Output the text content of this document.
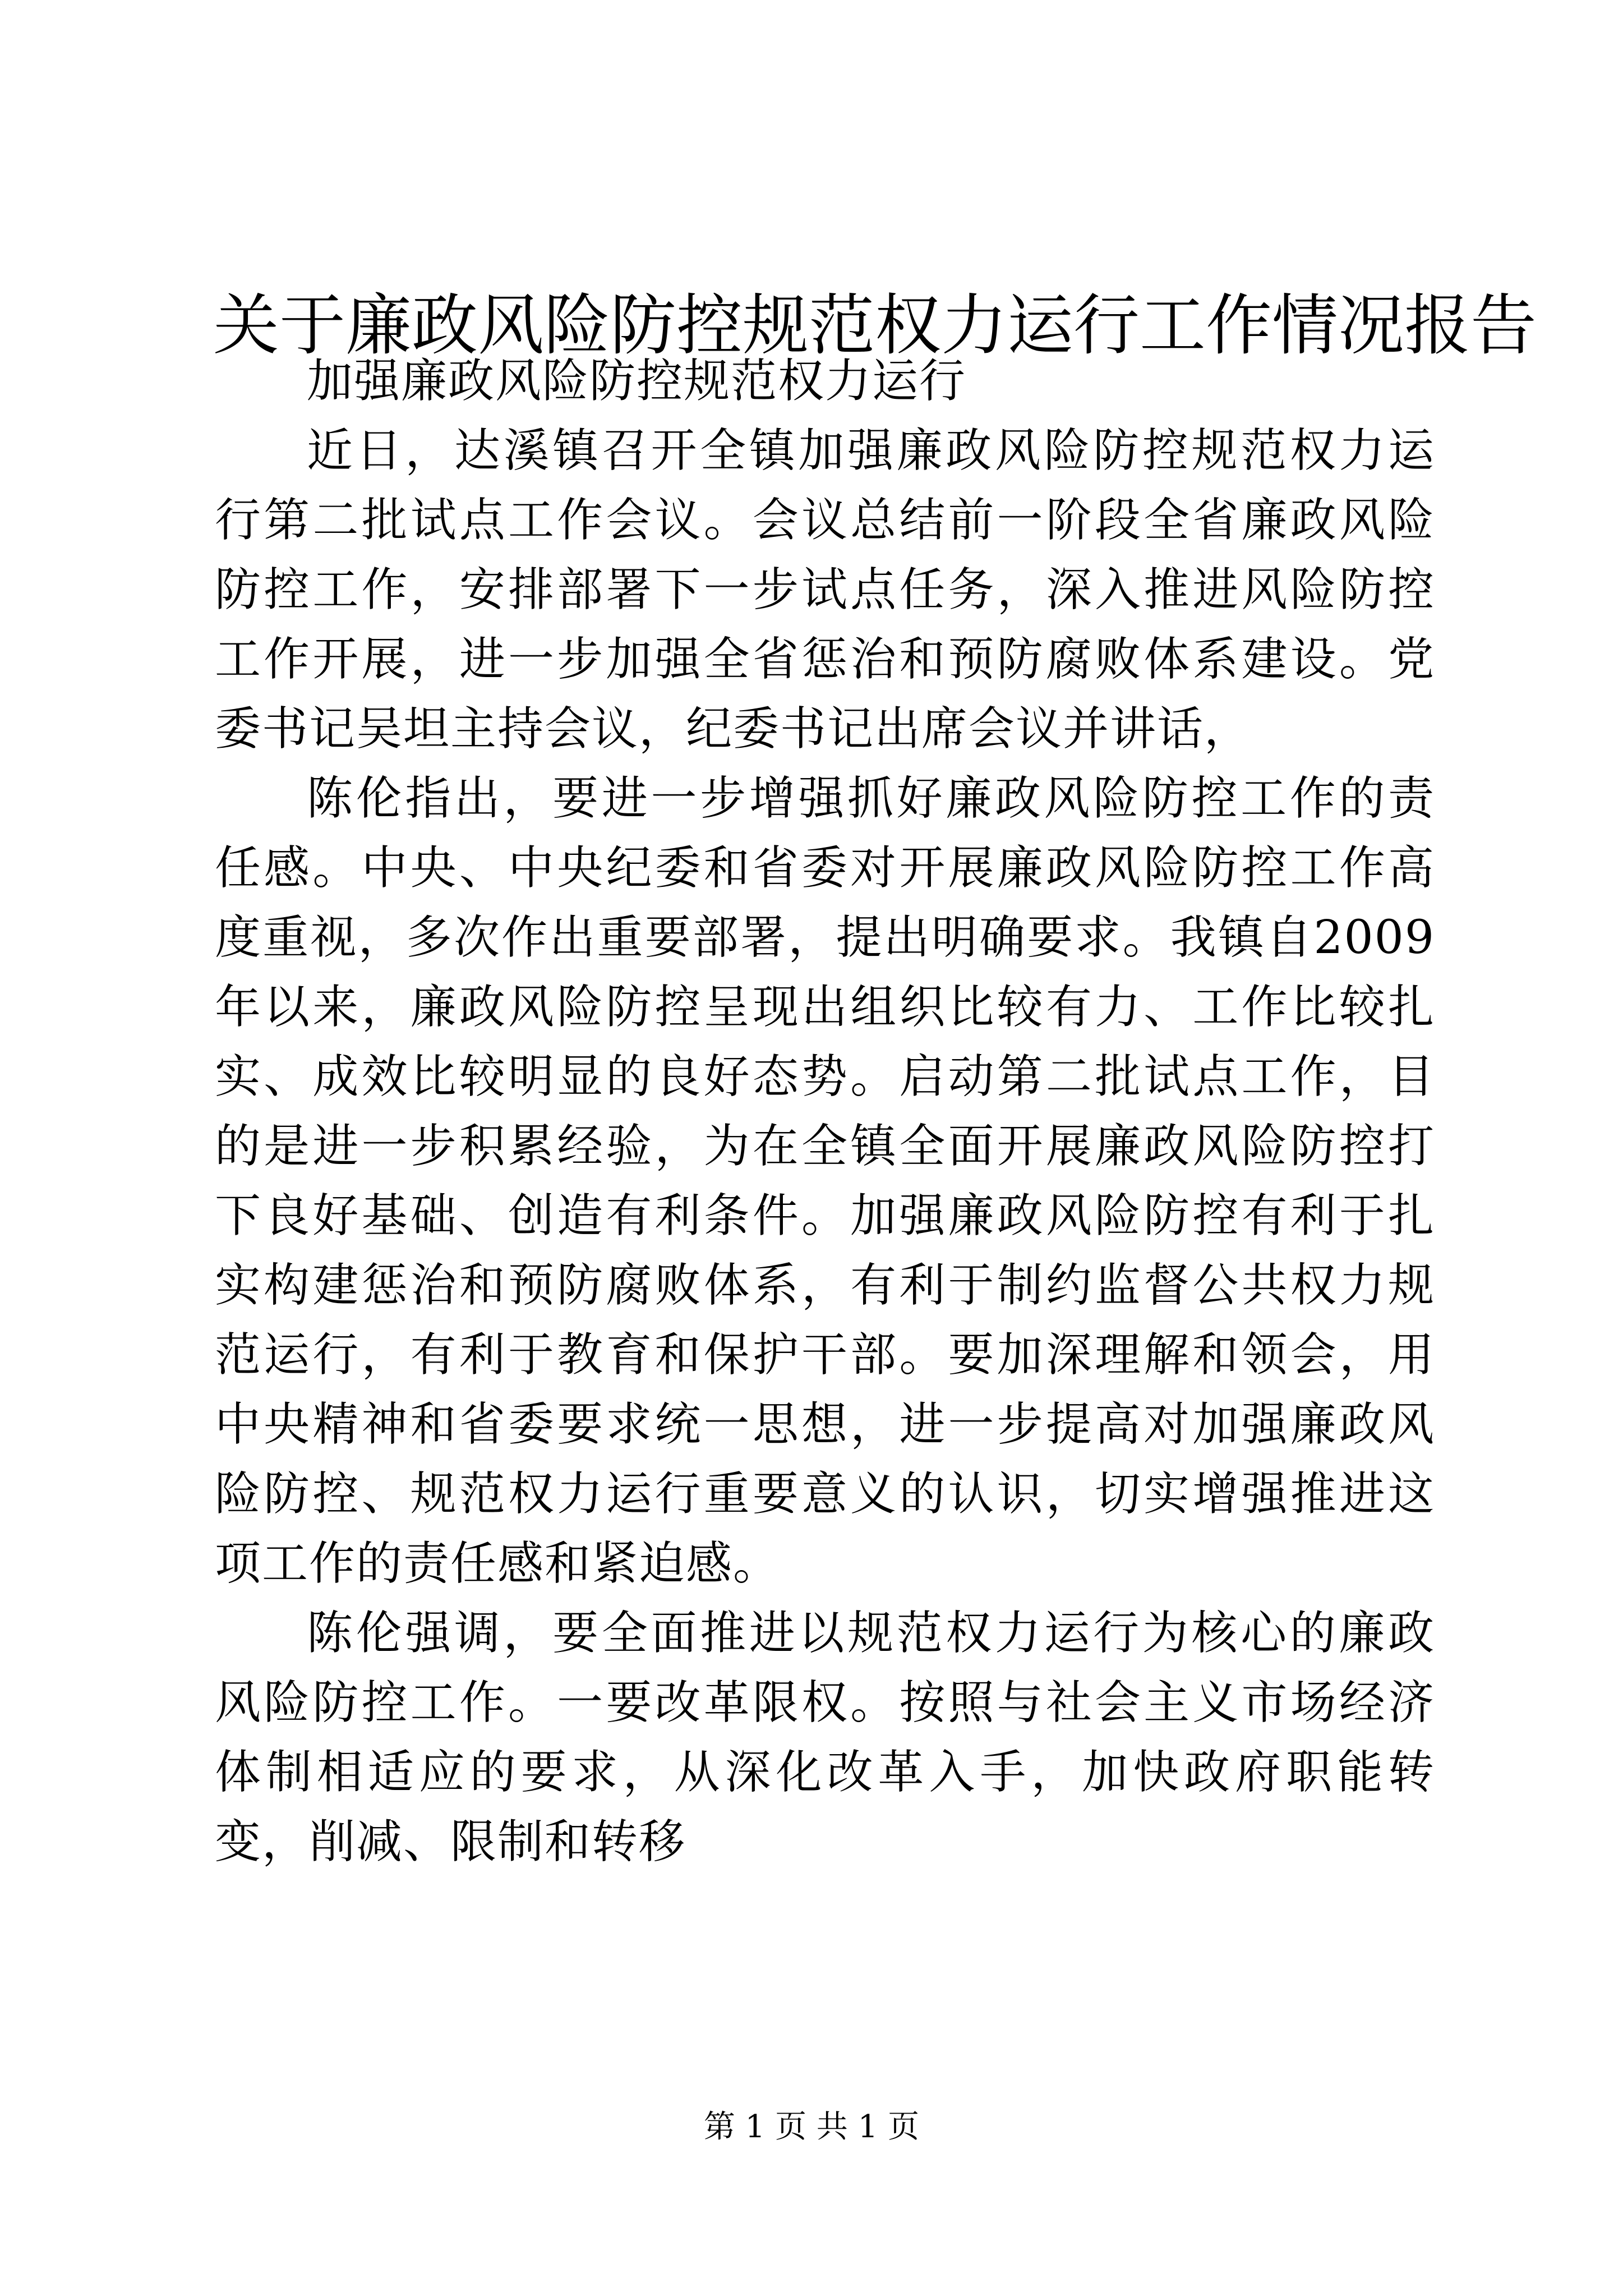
关于廉政风险防控规范权力运行工作情况报告

加强廉政风险防控规范权力运行

近日，达溪镇召开全镇加强廉政风险防控规范权力运行第二批试点工作会议。会议总结前一阶段全省廉政风险防控工作，安排部署下一步试点任务，深入推进风险防控工作开展，进一步加强全省惩治和预防腐败体系建设。党委书记吴坦主持会议，纪委书记出席会议并讲话，

陈伦指出，要进一步增强抓好廉政风险防控工作的责任感。中央、中央纪委和省委对开展廉政风险防控工作高度重视，多次作出重要部署，提出明确要求。我镇自2009年以来，廉政风险防控呈现出组织比较有力、工作比较扎实、成效比较明显的良好态势。启动第二批试点工作，目的是进一步积累经验，为在全镇全面开展廉政风险防控打下良好基础、创造有利条件。加强廉政风险防控有利于扎实构建惩治和预防腐败体系，有利于制约监督公共权力规范运行，有利于教育和保护干部。要加深理解和领会，用中央精神和省委要求统一思想，进一步提高对加强廉政风险防控、规范权力运行重要意义的认识，切实增强推进这项工作的责任感和紧迫感。

陈伦强调，要全面推进以规范权力运行为核心的廉政风险防控工作。一要改革限权。按照与社会主义市场经济体制相适应的要求，从深化改革入手，加快政府职能转变，削减、限制和转移

第 1 页 共 1 页
